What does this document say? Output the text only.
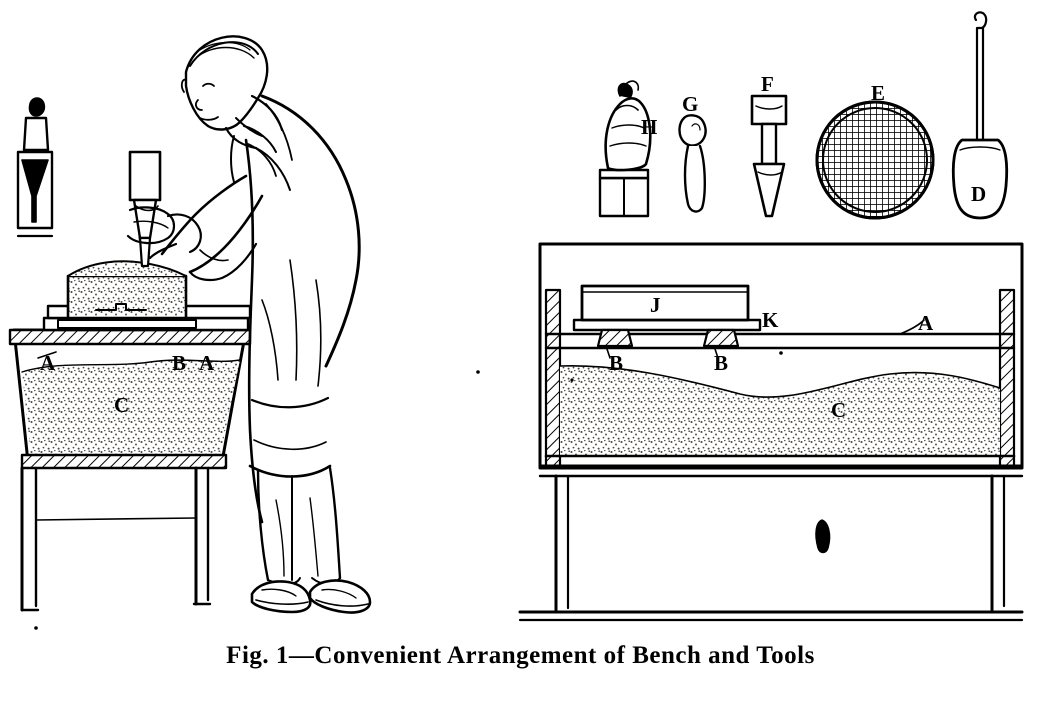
A	B A
C
H
G
F	E
D
J
K	A
B	B
C
Fig. 1—Convenient Arrangement of Bench and Tools
